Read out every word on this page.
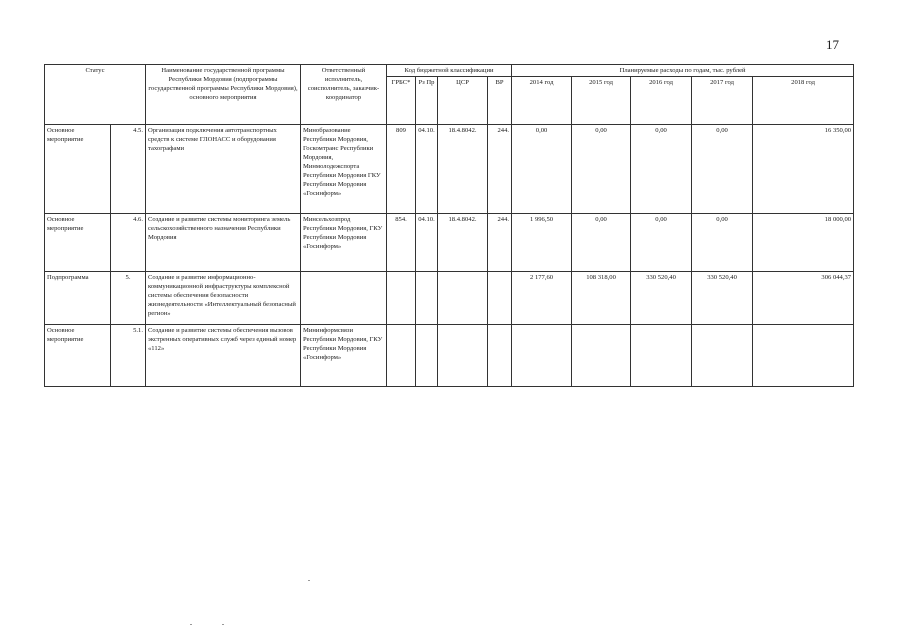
17
Статус		Наименование государственной программы Республики Мордовия (подпрограммы государственной программы Республики Мордовия), основного мероприятия	Ответственный исполнитель, соисполнитель, заказчик-координатор	Код бюджетной классификации				Планируемые расходы по годам, тыс. рублей				
				ГРБС*	Рз Пр	ЦСР	ВР	2014 год	2015 год	2016 год	2017 год	2018 год
Основное мероприятие	4.5.	Организация подключения автотранспортных средств к системе ГЛОНАСС и оборудования тахографами	Минобразование Республики Мордовия, Госкомтранс Республики Мордовия, Минмолодежспорта Республики Мордовия ГКУ Республики Мордовия «Госинформ»	809	04.10.	18.4.8042.	244.	0,00	0,00	0,00	0,00	16 350,00
Основное мероприятие	4.6.	Создание и развитие системы мониторинга земель сельскохозяйственного назначения Республики Мордовия	Минсельхозпрод Республики Мордовия, ГКУ Республики Мордовия «Госинформ»	854.	04.10.	18.4.8042.	244.	1 996,50	0,00	0,00	0,00	18 000,00
Подпрограмма	5.	Создание и развитие информационно-коммуникационной инфраструктуры комплексной системы обеспечения безопасности жизнедеятельности «Интеллектуальный безопасный регион»						2 177,60	108 318,00	330 520,40	330 520,40	306 044,37
Основное мероприятие	5.1.	Создание и развитие системы обеспечения вызовов экстренных оперативных служб через единый номер «112»	Мининформсвязи Республики Мордовия, ГКУ Республики Мордовия «Госинформ»									
